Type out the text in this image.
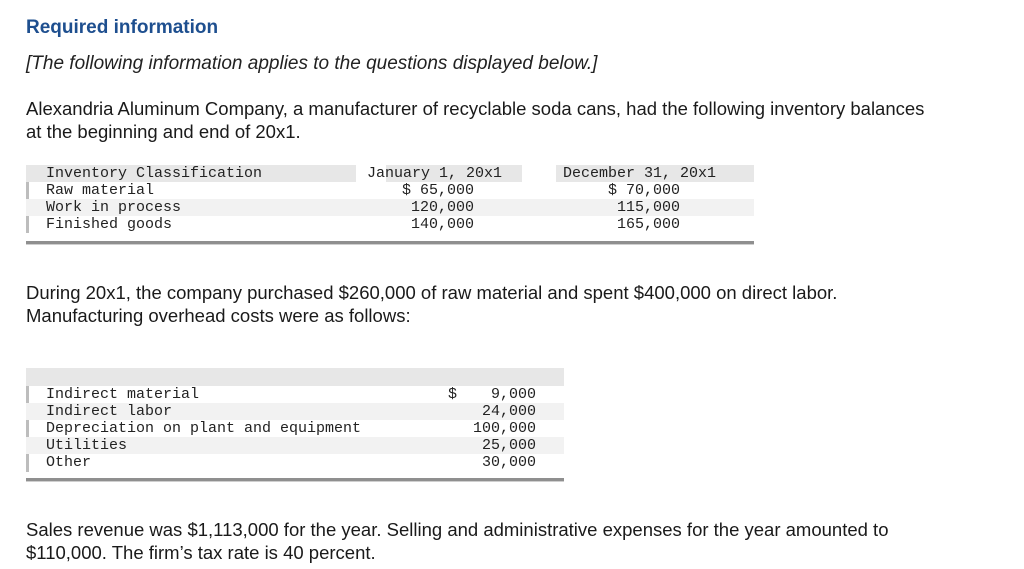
Required information
[The following information applies to the questions displayed below.]
Alexandria Aluminum Company, a manufacturer of recyclable soda cans, had the following inventory balances
at the beginning and end of 20x1.
Inventory Classification	January 1, 20x1	December 31, 20x1
Raw material	$ 65,000	$ 70,000
Work in process	120,000	115,000
Finished goods	140,000	165,000
During 20x1, the company purchased $260,000 of raw material and spent $400,000 on direct labor.
Manufacturing overhead costs were as follows:
Indirect material	$	9,000
Indirect labor	24,000
Depreciation on plant and equipment	100,000
Utilities	25,000
Other	30,000
Sales revenue was $1,113,000 for the year. Selling and administrative expenses for the year amounted to
$110,000. The firm’s tax rate is 40 percent.
